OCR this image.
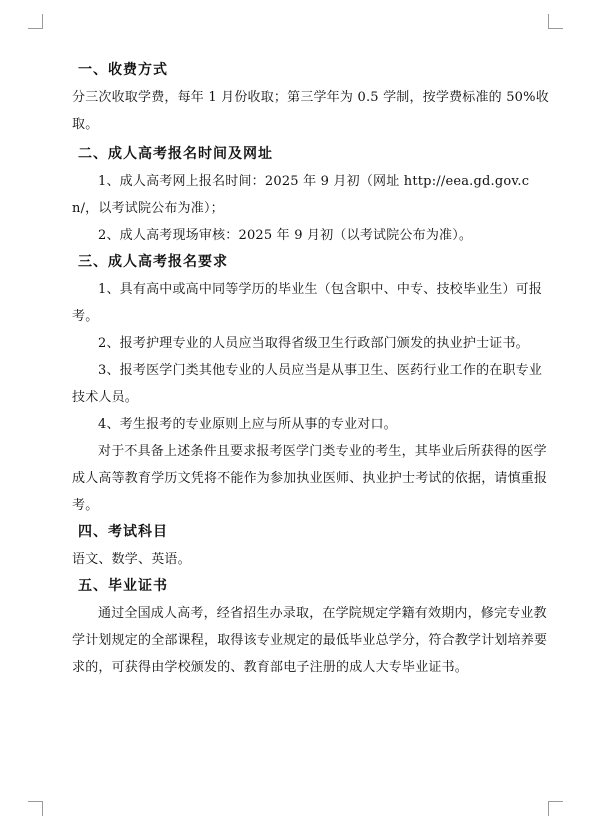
一、收费方式

分三次收取学费，每年 1 月份收取；第三学年为 0.5 学制，按学费标准的 50%收取。

二、成人高考报名时间及网址

1、成人高考网上报名时间：2025 年 9 月初（网址 http://eea.gd.gov.cn/，以考试院公布为准）；

2、成人高考现场审核：2025 年 9 月初（以考试院公布为准）。

三、成人高考报名要求

1、具有高中或高中同等学历的毕业生（包含职中、中专、技校毕业生）可报考。

2、报考护理专业的人员应当取得省级卫生行政部门颁发的执业护士证书。

3、报考医学门类其他专业的人员应当是从事卫生、医药行业工作的在职专业技术人员。

4、考生报考的专业原则上应与所从事的专业对口。

对于不具备上述条件且要求报考医学门类专业的考生，其毕业后所获得的医学成人高等教育学历文凭将不能作为参加执业医师、执业护士考试的依据，请慎重报考。

四、考试科目

语文、数学、英语。

五、毕业证书

通过全国成人高考，经省招生办录取，在学院规定学籍有效期内，修完专业教学计划规定的全部课程，取得该专业规定的最低毕业总学分，符合教学计划培养要求的，可获得由学校颁发的、教育部电子注册的成人大专毕业证书。
